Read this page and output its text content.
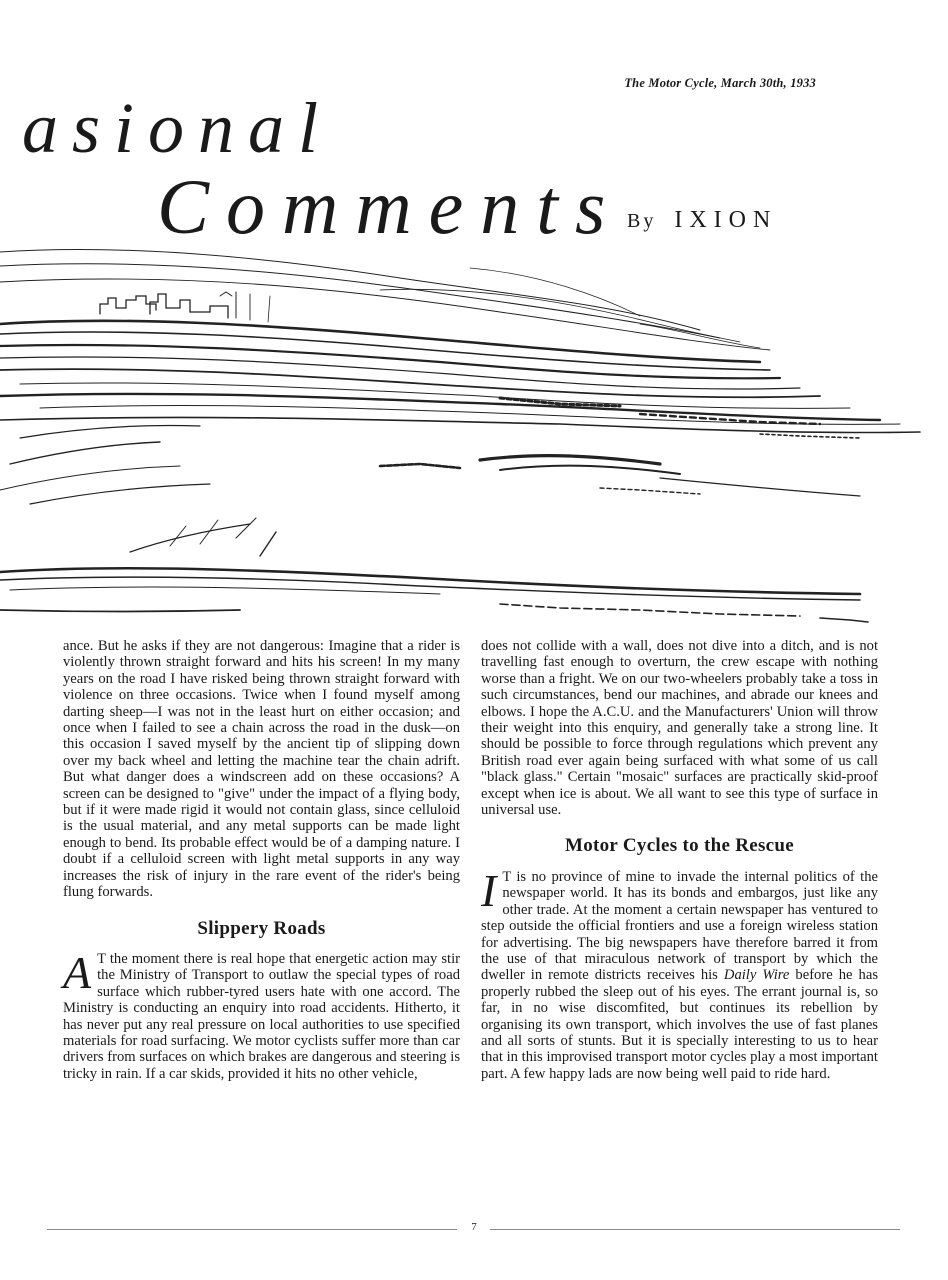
The Motor Cycle, March 30th, 1933
asional
Comments By IXION

ance. But he asks if they are not dangerous: Imagine that a rider is violently thrown straight forward and hits his screen! In my many years on the road I have risked being thrown straight forward with violence on three occasions. Twice when I found myself among darting sheep—I was not in the least hurt on either occasion; and once when I failed to see a chain across the road in the dusk—on this occasion I saved myself by the ancient tip of slipping down over my back wheel and letting the machine tear the chain adrift. But what danger does a windscreen add on these occasions? A screen can be designed to "give" under the impact of a flying body, but if it were made rigid it would not contain glass, since celluloid is the usual material, and any metal supports can be made light enough to bend. Its probable effect would be of a damping nature. I doubt if a celluloid screen with light metal supports in any way increases the risk of injury in the rare event of the rider's being flung forwards.

Slippery Roads

A T the moment there is real hope that energetic action may stir the Ministry of Transport to outlaw the special types of road surface which rubber-tyred users hate with one accord. The Ministry is conducting an enquiry into road accidents. Hitherto, it has never put any real pressure on local authorities to use specified materials for road surfacing. We motor cyclists suffer more than car drivers from surfaces on which brakes are dangerous and steering is tricky in rain. If a car skids, provided it hits no other vehicle,

does not collide with a wall, does not dive into a ditch, and is not travelling fast enough to overturn, the crew escape with nothing worse than a fright. We on our two-wheelers probably take a toss in such circumstances, bend our machines, and abrade our knees and elbows. I hope the A.C.U. and the Manufacturers' Union will throw their weight into this enquiry, and generally take a strong line. It should be possible to force through regulations which prevent any British road ever again being surfaced with what some of us call "black glass." Certain "mosaic" surfaces are practically skid-proof except when ice is about. We all want to see this type of surface in universal use.

Motor Cycles to the Rescue

I T is no province of mine to invade the internal politics of the newspaper world. It has its bonds and embargos, just like any other trade. At the moment a certain newspaper has ventured to step outside the official frontiers and use a foreign wireless station for advertising. The big newspapers have therefore barred it from the use of that miraculous network of transport by which the dweller in remote districts receives his Daily Wire before he has properly rubbed the sleep out of his eyes. The errant journal is, so far, in no wise discomfited, but continues its rebellion by organising its own transport, which involves the use of fast planes and all sorts of stunts. But it is specially interesting to us to hear that in this improvised transport motor cycles play a most important part. A few happy lads are now being well paid to ride hard.

7
